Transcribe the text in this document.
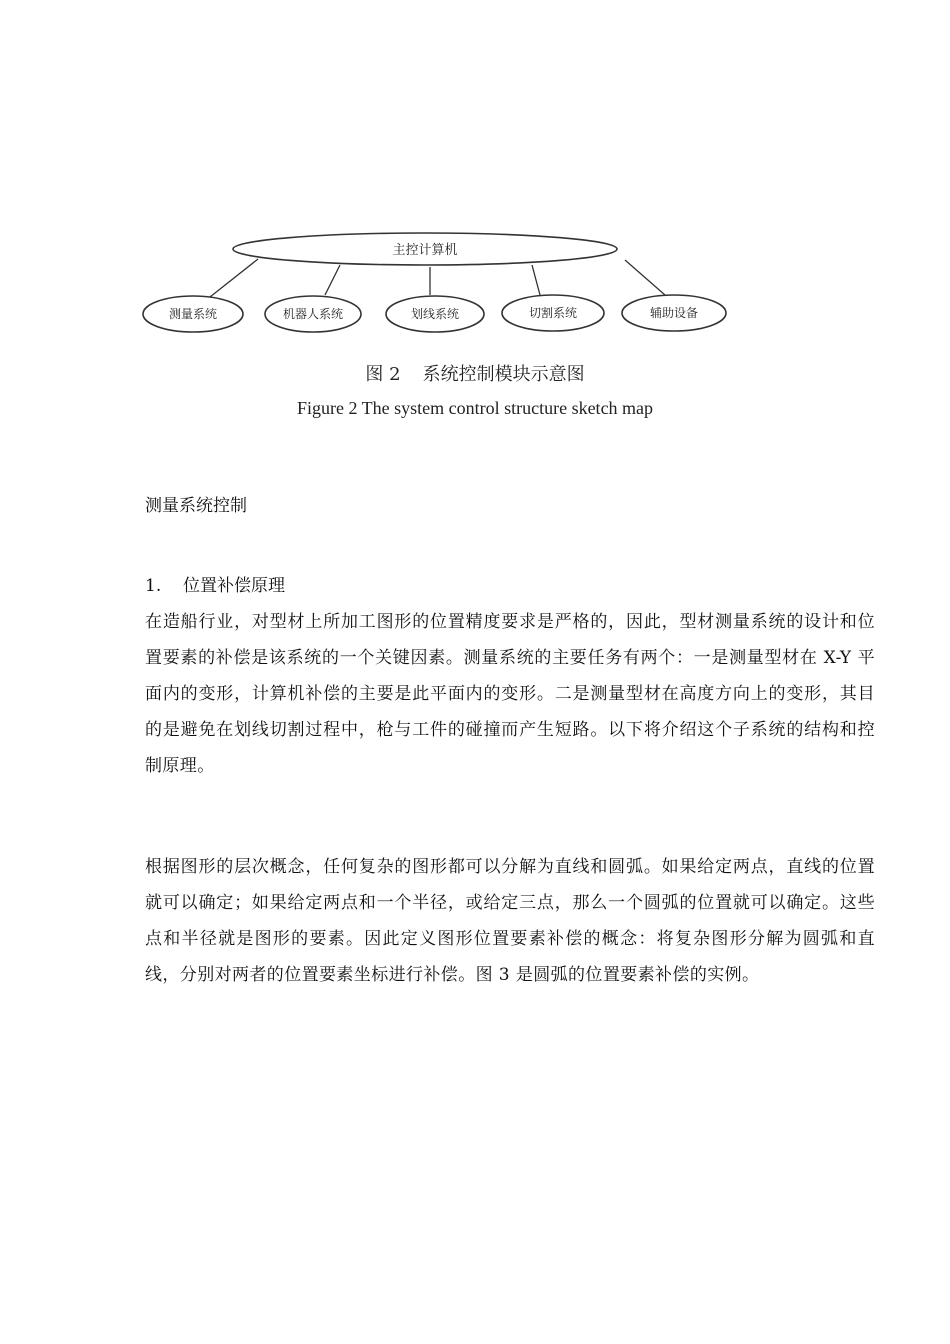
主控计算机
测量系统	机器人系统	划线系统	切割系统	辅助设备
图 2 系统控制模块示意图
Figure 2 The system control structure sketch map
测量系统控制
1. 位置补偿原理

在造船行业，对型材上所加工图形的位置精度要求是严格的，因此，型材测量系统的设计和位置要素的补偿是该系统的一个关键因素。测量系统的主要任务有两个：一是测量型材在 X-Y 平面内的变形，计算机补偿的主要是此平面内的变形。二是测量型材在高度方向上的变形，其目的是避免在划线切割过程中，枪与工件的碰撞而产生短路。以下将介绍这个子系统的结构和控制原理。

根据图形的层次概念，任何复杂的图形都可以分解为直线和圆弧。如果给定两点，直线的位置就可以确定；如果给定两点和一个半径，或给定三点，那么一个圆弧的位置就可以确定。这些点和半径就是图形的要素。因此定义图形位置要素补偿的概念：将复杂图形分解为圆弧和直线，分别对两者的位置要素坐标进行补偿。图 3 是圆弧的位置要素补偿的实例。
